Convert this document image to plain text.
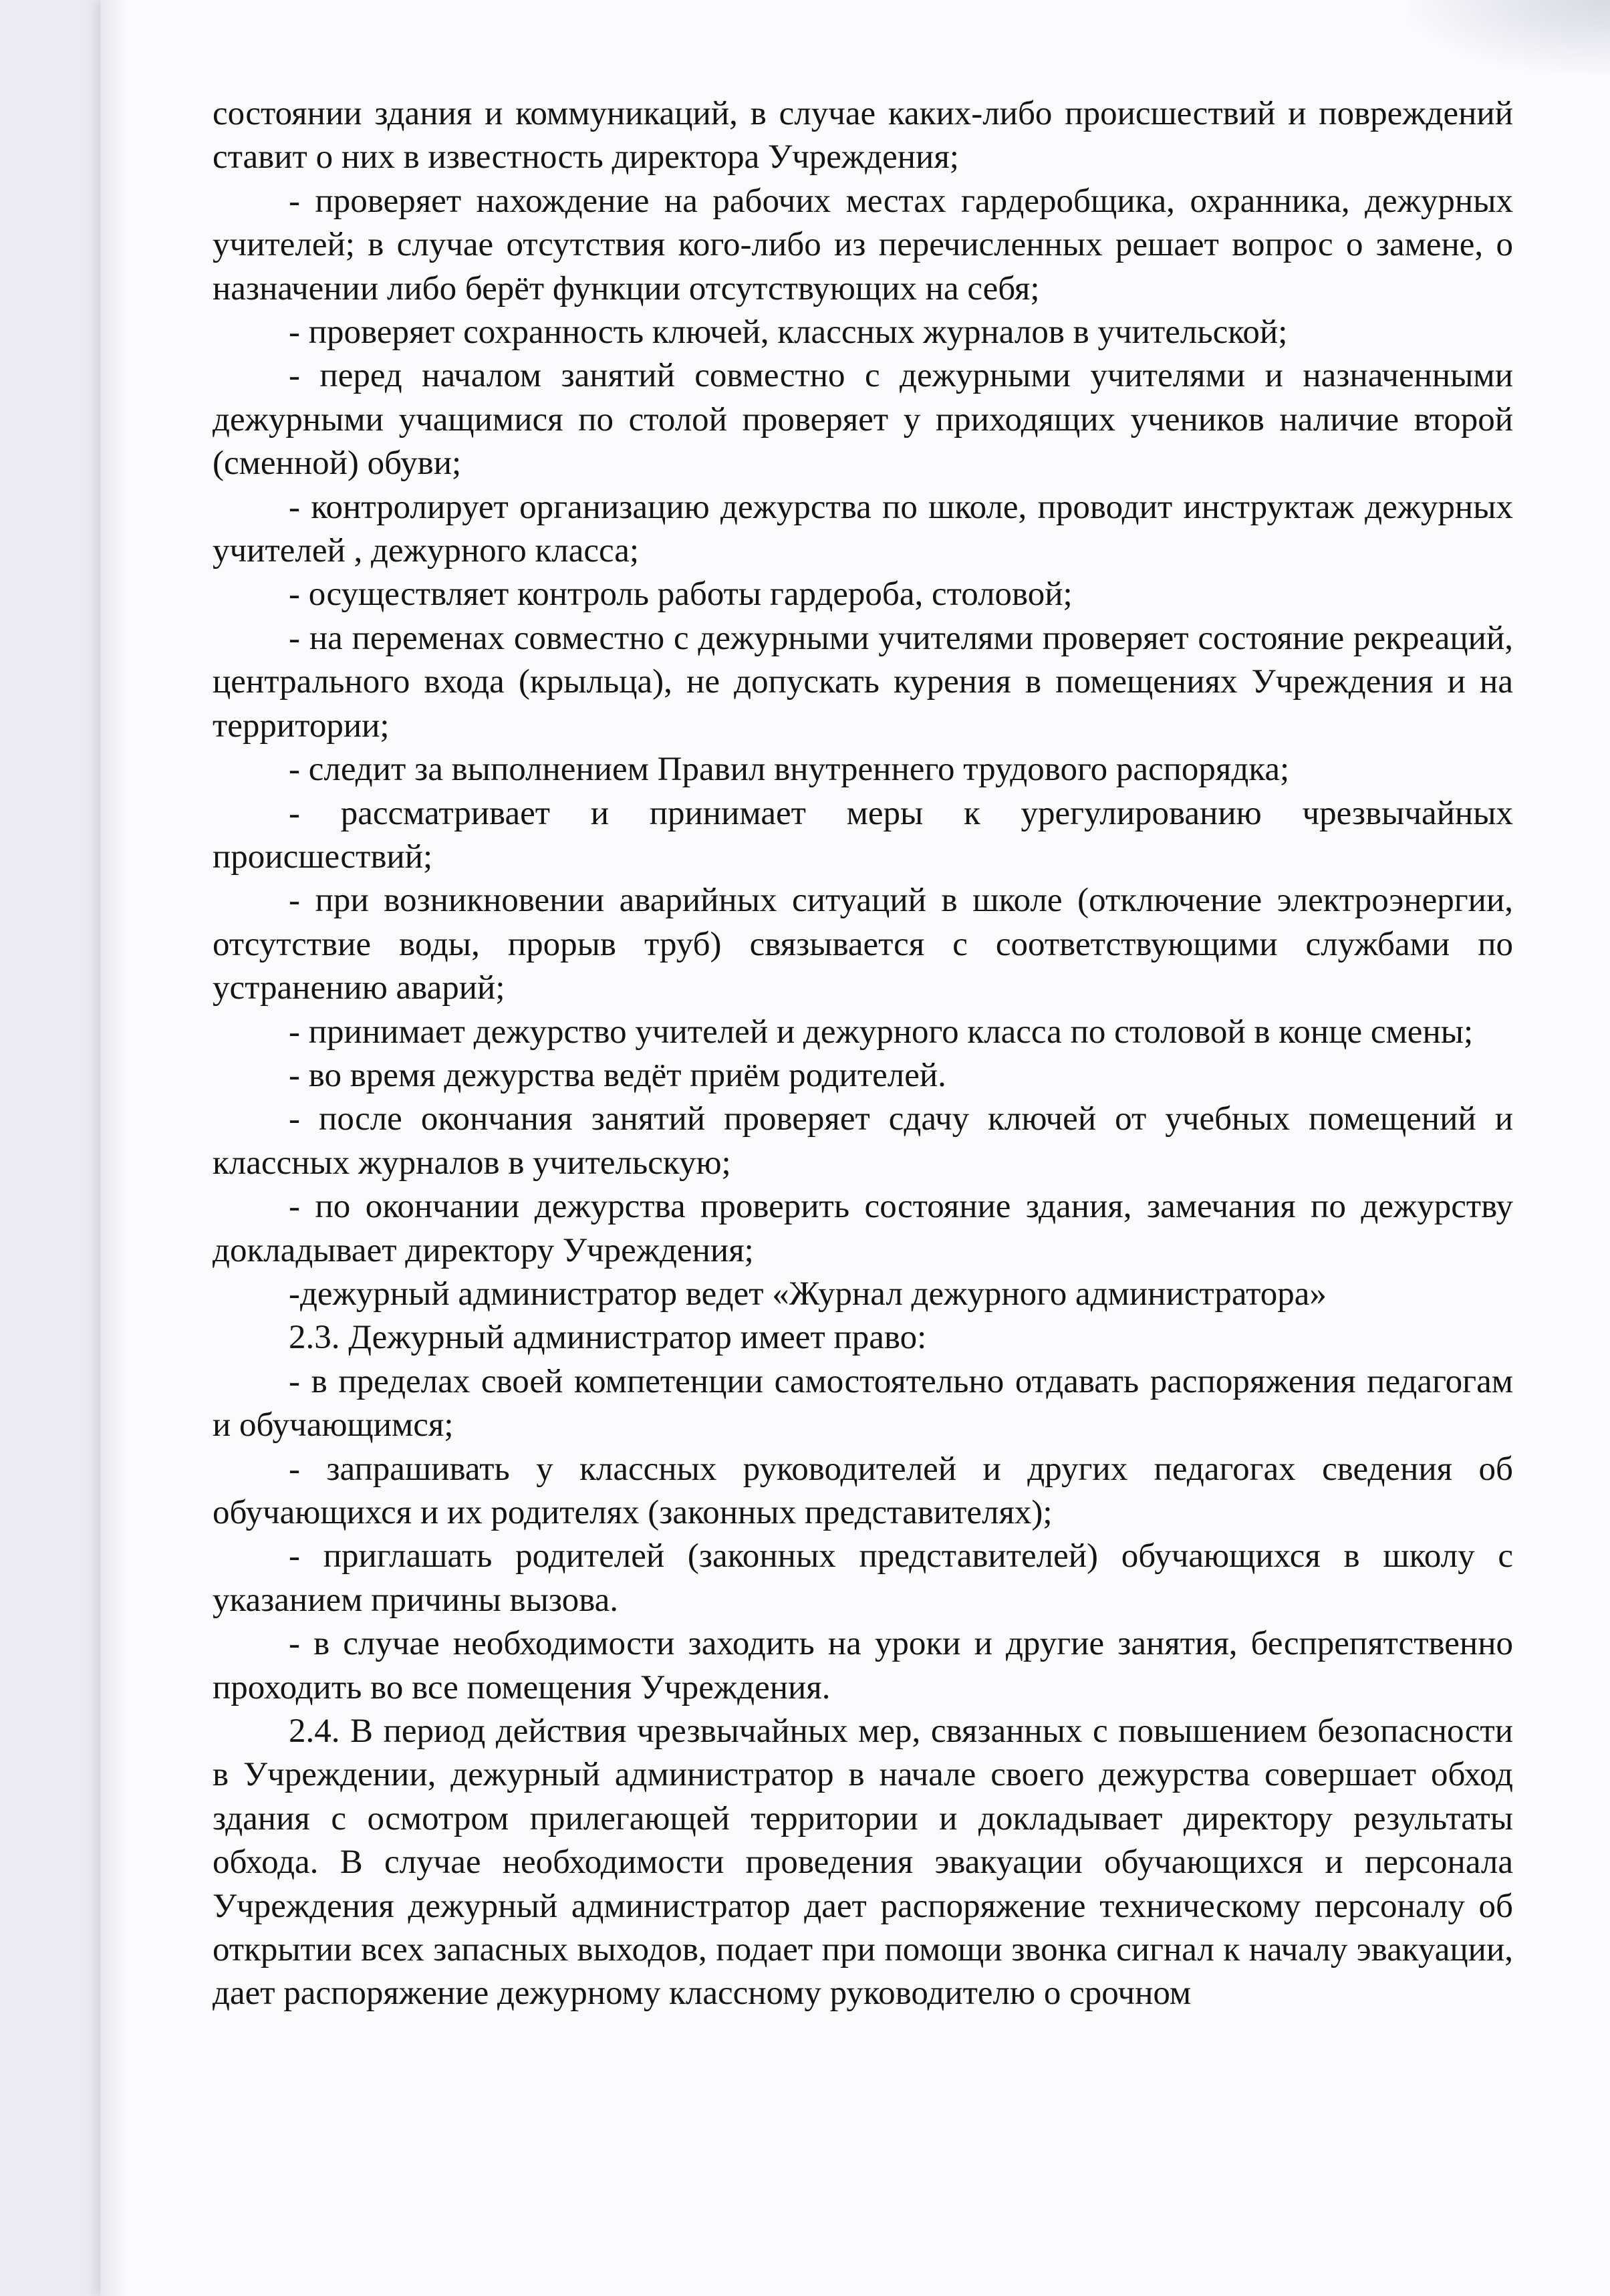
состоянии здания и коммуникаций, в случае каких-либо происшествий и повреждений ставит о них в известность директора Учреждения;

- проверяет нахождение на рабочих местах гардеробщика, охранника, дежурных учителей; в случае отсутствия кого-либо из перечисленных решает вопрос о замене, о назначении либо берёт функции отсутствующих на себя;

- проверяет сохранность ключей, классных журналов в учительской;

- перед началом занятий совместно с дежурными учителями и назначенными дежурными учащимися по столой проверяет у приходящих учеников наличие второй (сменной) обуви;

- контролирует организацию дежурства по школе, проводит инструктаж дежурных учителей , дежурного класса;

- осуществляет контроль работы гардероба, столовой;

- на переменах совместно с дежурными учителями проверяет состояние рекреаций, центрального входа (крыльца), не допускать курения в помещениях Учреждения и на территории;

- следит за выполнением Правил внутреннего трудового распорядка;

- рассматривает и принимает меры к урегулированию чрезвычайных происшествий;

- при возникновении аварийных ситуаций в школе (отключение электроэнергии, отсутствие воды, прорыв труб) связывается с соответствующими службами по устранению аварий;

- принимает дежурство учителей и дежурного класса по столовой в конце смены;

- во время дежурства ведёт приём родителей.

- после окончания занятий проверяет сдачу ключей от учебных помещений и классных журналов в учительскую;

- по окончании дежурства проверить состояние здания, замечания по дежурству докладывает директору Учреждения;

-дежурный администратор ведет «Журнал дежурного администратора»

2.3. Дежурный администратор имеет право:

- в пределах своей компетенции самостоятельно отдавать распоряжения педагогам и обучающимся;

- запрашивать у классных руководителей и других педагогах сведения об обучающихся и их родителях (законных представителях);

- приглашать родителей (законных представителей) обучающихся в школу с указанием причины вызова.

- в случае необходимости заходить на уроки и другие занятия, беспрепятственно проходить во все помещения Учреждения.

2.4. В период действия чрезвычайных мер, связанных с повышением безопасности в Учреждении, дежурный администратор в начале своего дежурства совершает обход здания с осмотром прилегающей территории и докладывает директору результаты обхода. В случае необходимости проведения эвакуации обучающихся и персонала Учреждения дежурный администратор дает распоряжение техническому персоналу об открытии всех запасных выходов, подает при помощи звонка сигнал к началу эвакуации, дает распоряжение дежурному классному руководителю о срочном
